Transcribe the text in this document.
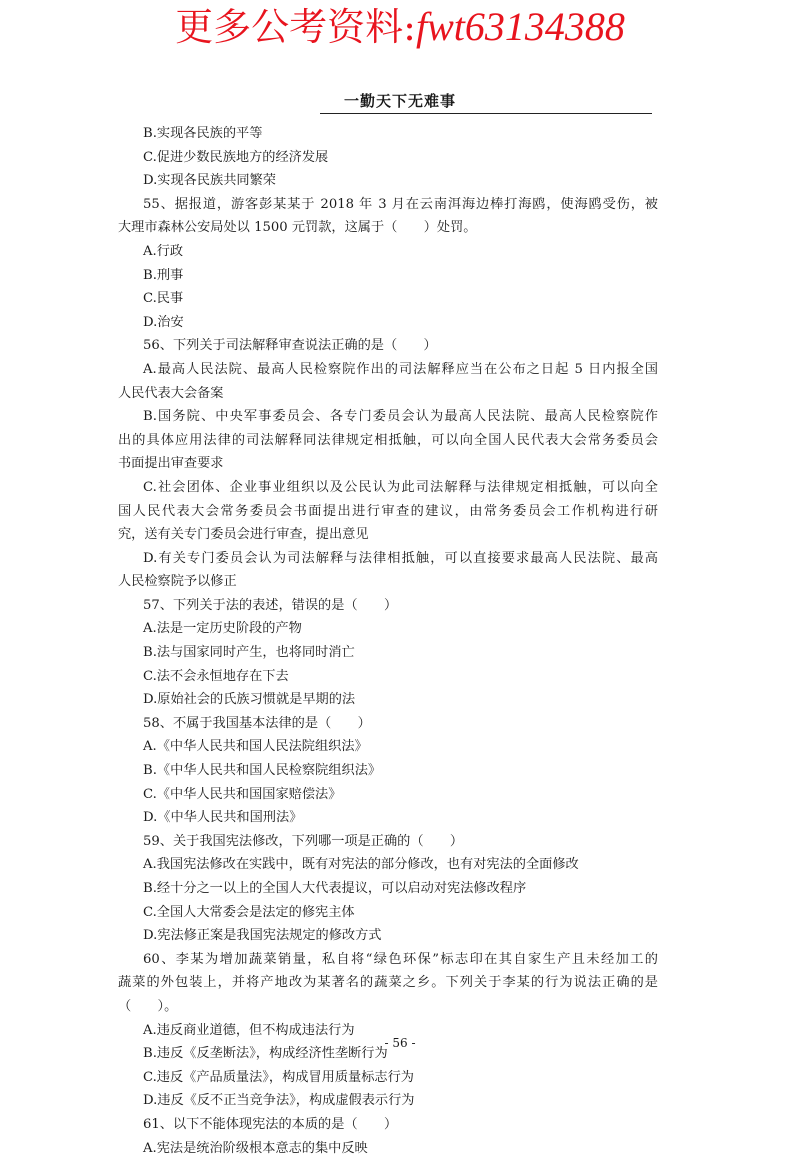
更多公考资料:fwt63134388
一勤天下无难事
B.实现各民族的平等
C.促进少数民族地方的经济发展
D.实现各民族共同繁荣
55、据报道，游客彭某某于 2018 年 3 月在云南洱海边棒打海鸥，使海鸥受伤，被
大理市森林公安局处以 1500 元罚款，这属于（　　）处罚。
A.行政
B.刑事
C.民事
D.治安
56、下列关于司法解释审查说法正确的是（　　）
A.最高人民法院、最高人民检察院作出的司法解释应当在公布之日起 5 日内报全国
人民代表大会备案
B.国务院、中央军事委员会、各专门委员会认为最高人民法院、最高人民检察院作
出的具体应用法律的司法解释同法律规定相抵触，可以向全国人民代表大会常务委员会
书面提出审查要求
C.社会团体、企业事业组织以及公民认为此司法解释与法律规定相抵触，可以向全
国人民代表大会常务委员会书面提出进行审查的建议，由常务委员会工作机构进行研
究，送有关专门委员会进行审查，提出意见
D.有关专门委员会认为司法解释与法律相抵触，可以直接要求最高人民法院、最高
人民检察院予以修正
57、下列关于法的表述，错误的是（　　）
A.法是一定历史阶段的产物
B.法与国家同时产生，也将同时消亡
C.法不会永恒地存在下去
D.原始社会的氏族习惯就是早期的法
58、不属于我国基本法律的是（　　）
A.《中华人民共和国人民法院组织法》
B.《中华人民共和国人民检察院组织法》
C.《中华人民共和国国家赔偿法》
D.《中华人民共和国刑法》
59、关于我国宪法修改，下列哪一项是正确的（　　）
A.我国宪法修改在实践中，既有对宪法的部分修改，也有对宪法的全面修改
B.经十分之一以上的全国人大代表提议，可以启动对宪法修改程序
C.全国人大常委会是法定的修宪主体
D.宪法修正案是我国宪法规定的修改方式
60、李某为增加蔬菜销量，私自将“绿色环保”标志印在其自家生产且未经加工的
蔬菜的外包装上，并将产地改为某著名的蔬菜之乡。下列关于李某的行为说法正确的是
（　　）。
A.违反商业道德，但不构成违法行为
B.违反《反垄断法》，构成经济性垄断行为
C.违反《产品质量法》，构成冒用质量标志行为
D.违反《反不正当竞争法》，构成虚假表示行为
61、以下不能体现宪法的本质的是（　　）
A.宪法是统治阶级根本意志的集中反映
- 56 -
